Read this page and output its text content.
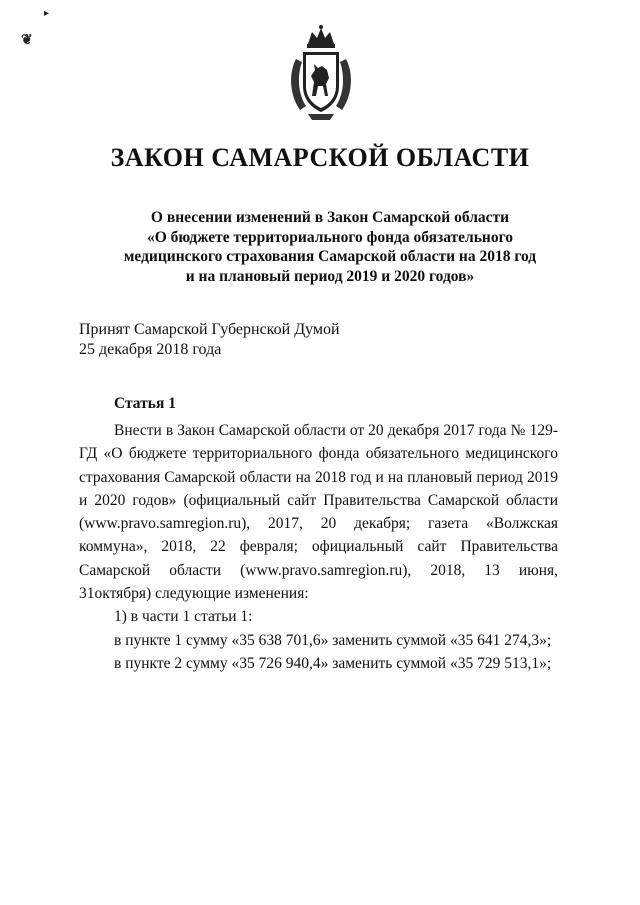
▸
❦
ЗАКОН САМАРСКОЙ ОБЛАСТИ
О внесении изменений в Закон Самарской области
«О бюджете территориального фонда обязательного
медицинского страхования Самарской области на 2018 год
и на плановый период 2019 и 2020 годов»
Принят Самарской Губернской Думой
25 декабря 2018 года
Статья 1

Внести в Закон Самарской области от 20 декабря 2017 года № 129-ГД «О бюджете территориального фонда обязательного медицинского страхования Самарской области на 2018 год и на плановый период 2019 и 2020 годов» (официальный сайт Правительства Самарской области (www.pravo.samregion.ru), 2017, 20 декабря; газета «Волжская коммуна», 2018, 22 февраля; официальный сайт Правительства Самарской области (www.pravo.samregion.ru), 2018, 13 июня, 31октября) следующие изменения:

1) в части 1 статьи 1:

в пункте 1 сумму «35 638 701,6» заменить суммой «35 641 274,3»;

в пункте 2 сумму «35 726 940,4» заменить суммой «35 729 513,1»;
